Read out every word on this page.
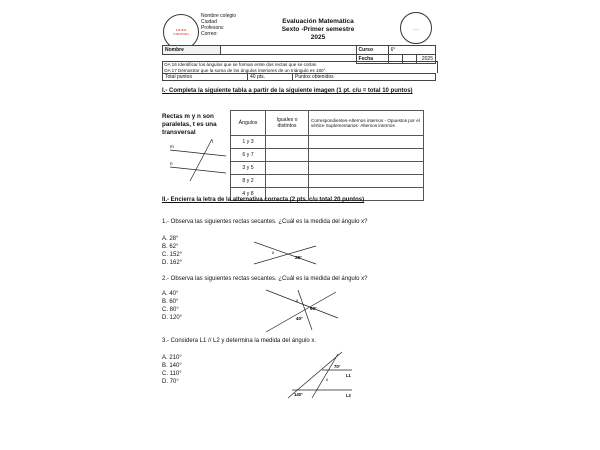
LICEO
COLEGIO
Nombre colegio
Ciudad
Profesora:
Correo:
Evaluación Matemática
Sexto -Primer semestre
2025
......
Nombre		Curso	6°		
		Fecha			2025
OA 16 Identificar los ángulos que se forman entre dos rectas que se cortan
OA 17 Demostrar que la suma de los ángulos interiores de un triángulo es 180°.
Total puntos	40 pts.	Puntos obtenidos
I.- Completa la siguiente tabla a partir de la siguiente imagen (1 pt. c/u = total 10 puntos)
Rectas m y n son paralelas, t es una transversal
m
n
t
Ángulos	Iguales o distintos	Correspondientes-Alternos internos - Opuestos por el vértice Suplementarios- Alternos internos
1 y 3		
6 y 7		
3 y 5		
8 y 2		
4 y 8		
II.- Encierra la letra de la alternativa correcta (2 pts. c/u total 20 puntos)
1.- Observa las siguientes rectas secantes. ¿Cuál es la medida del ángulo x?
A. 28°
B. 62°
C. 152°
D. 162°
x
28°
2.- Observa las siguientes rectas secantes. ¿Cuál es la medida del ángulo x?
A. 40°
B. 60°
C. 80°
D. 120°
x
60°
40°
3.- Considera L1 // L2 y determina la medida del ángulo x.
A. 210°
B. 140°
C. 110°
D. 70°
70°
140°
x
L1
L2
